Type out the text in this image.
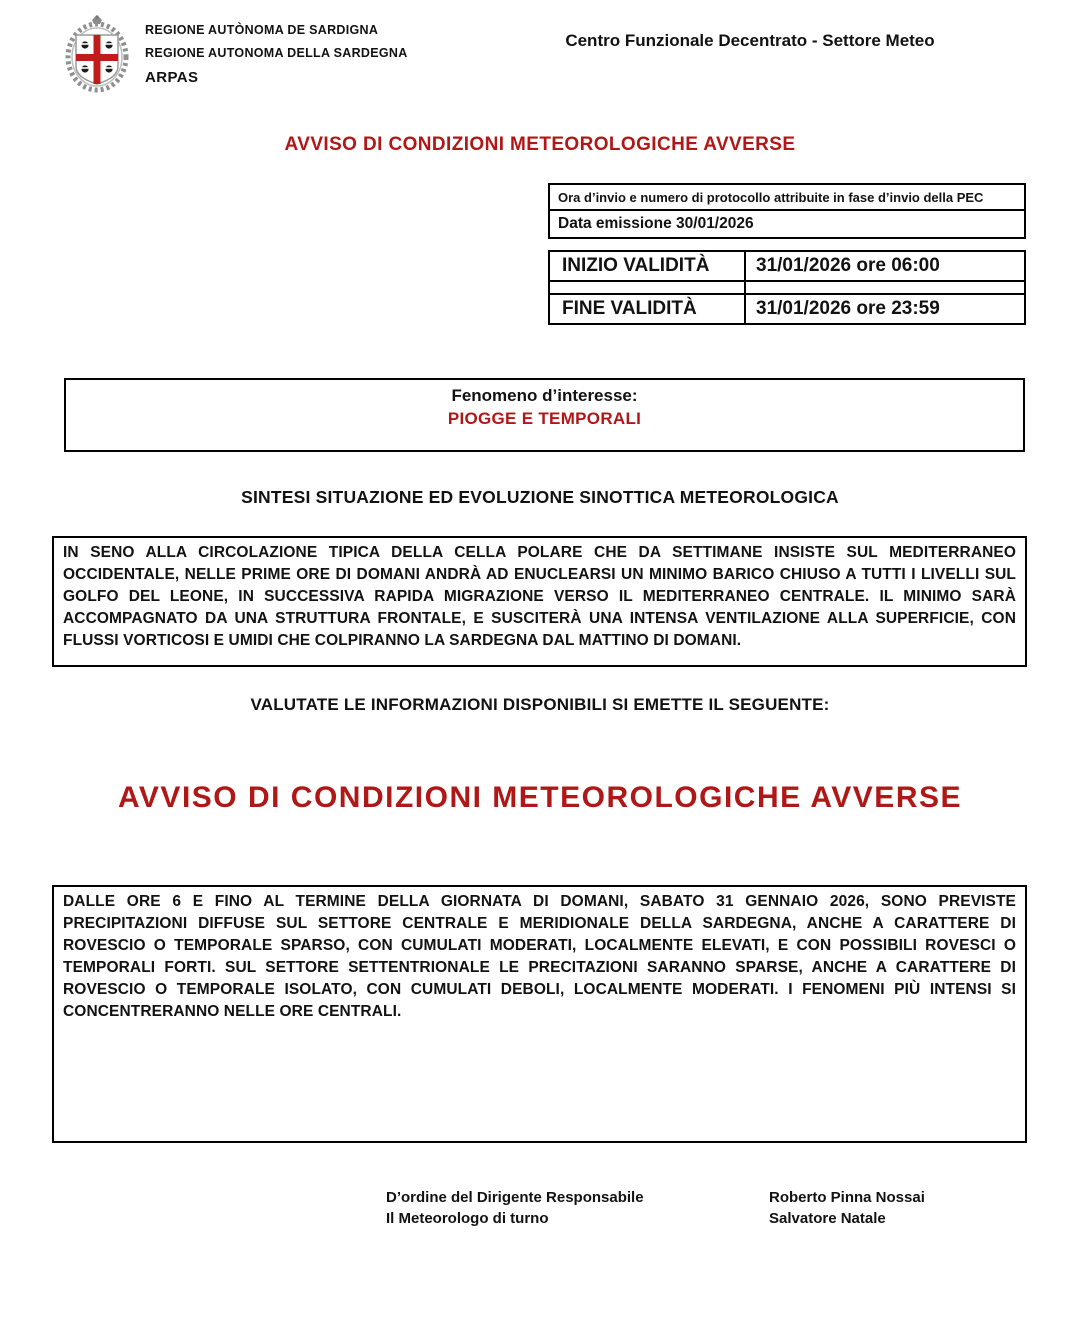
REGIONE AUTÒNOMA DE SARDIGNA
REGIONE AUTONOMA DELLA SARDEGNA
ARPAS
Centro Funzionale Decentrato - Settore Meteo
AVVISO DI CONDIZIONI METEOROLOGICHE AVVERSE
Ora d’invio e numero di protocollo attribuite in fase d’invio della PEC
Data emissione 30/01/2026
INIZIO VALIDITÀ	31/01/2026 ore 06:00

FINE VALIDITÀ	31/01/2026 ore 23:59
Fenomeno d’interesse:
PIOGGE E TEMPORALI
SINTESI SITUAZIONE ED EVOLUZIONE SINOTTICA METEOROLOGICA
IN SENO ALLA CIRCOLAZIONE TIPICA DELLA CELLA POLARE CHE DA SETTIMANE INSISTE SUL MEDITERRANEO OCCIDENTALE, NELLE PRIME ORE DI DOMANI ANDRÀ AD ENUCLEARSI UN MINIMO BARICO CHIUSO A TUTTI I LIVELLI SUL GOLFO DEL LEONE, IN SUCCESSIVA RAPIDA MIGRAZIONE VERSO IL MEDITERRANEO CENTRALE. IL MINIMO SARÀ ACCOMPAGNATO DA UNA STRUTTURA FRONTALE, E SUSCITERÀ UNA INTENSA VENTILAZIONE ALLA SUPERFICIE, CON FLUSSI VORTICOSI E UMIDI CHE COLPIRANNO LA SARDEGNA DAL MATTINO DI DOMANI.
VALUTATE LE INFORMAZIONI DISPONIBILI SI EMETTE IL SEGUENTE:
AVVISO DI CONDIZIONI METEOROLOGICHE AVVERSE
DALLE ORE 6 E FINO AL TERMINE DELLA GIORNATA DI DOMANI, SABATO 31 GENNAIO 2026, SONO PREVISTE PRECIPITAZIONI DIFFUSE SUL SETTORE CENTRALE E MERIDIONALE DELLA SARDEGNA, ANCHE A CARATTERE DI ROVESCIO O TEMPORALE SPARSO, CON CUMULATI MODERATI, LOCALMENTE ELEVATI, E CON POSSIBILI ROVESCI O TEMPORALI FORTI. SUL SETTORE SETTENTRIONALE LE PRECITAZIONI SARANNO SPARSE, ANCHE A CARATTERE DI ROVESCIO O TEMPORALE ISOLATO, CON CUMULATI DEBOLI, LOCALMENTE MODERATI. I FENOMENI PIÙ INTENSI SI CONCENTRERANNO NELLE ORE CENTRALI.
D’ordine del Dirigente Responsabile
Il Meteorologo di turno
Roberto Pinna Nossai
Salvatore Natale
